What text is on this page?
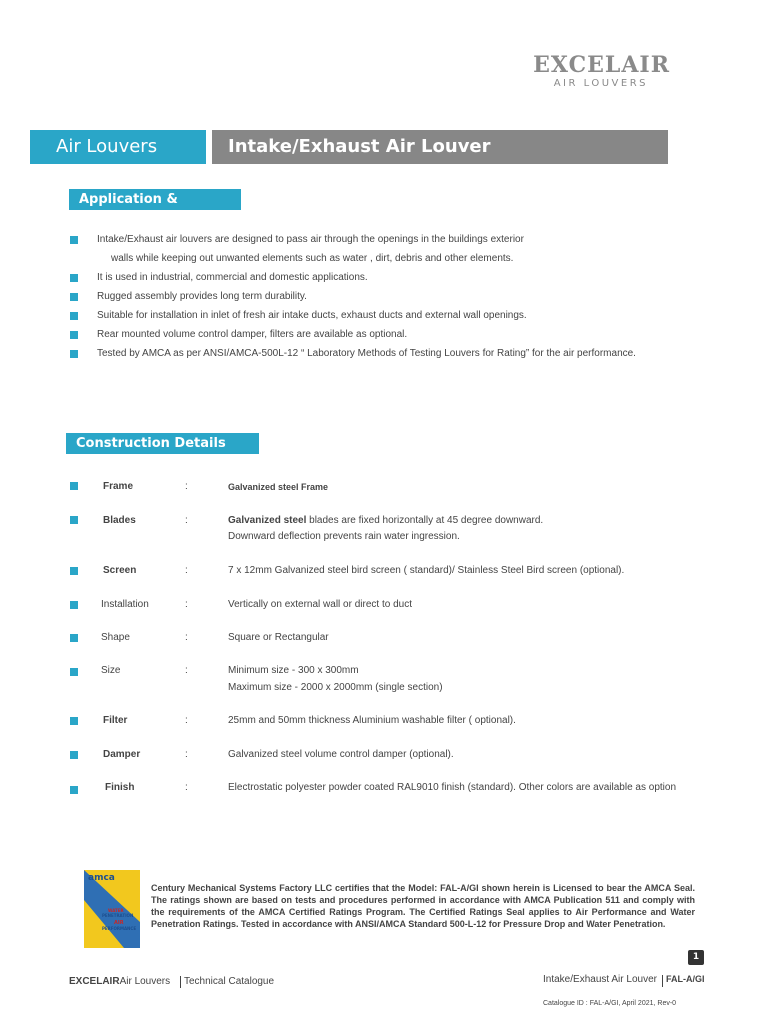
EXCELAIR
AIR LOUVERS
Air Louvers	Intake/Exhaust Air Louver
Application & Features
Intake/Exhaust air louvers are designed to pass air through the openings in the buildings exterior
walls while keeping out unwanted elements such as water , dirt, debris and other elements.
It is used in industrial, commercial and domestic applications.
Rugged assembly provides long term durability.
Suitable for installation in inlet of fresh air intake ducts, exhaust ducts and external wall openings.
Rear mounted volume control damper, filters are available as optional.
Tested by AMCA as per ANSI/AMCA-500L-12 “ Laboratory Methods of Testing Louvers for Rating” for the air performance.
Construction Details
Frame	:	Galvanized steel Frame
Blades	:	Galvanized steel blades are fixed horizontally at 45 degree downward.
Downward deflection prevents rain water ingression.
Screen	:	7 x 12mm Galvanized steel bird screen ( standard)/ Stainless Steel Bird screen (optional).
Installation	:	Vertically on external wall or direct to duct
Shape	:	Square or Rectangular
Size	:	Minimum size - 300 x 300mm
Maximum size - 2000 x 2000mm (single section)
Filter	:	25mm and 50mm thickness Aluminium washable filter ( optional).
Damper	:	Galvanized steel volume control damper (optional).
Finish	:	Electrostatic polyester powder coated RAL9010 finish (standard). Other colors are available as option
amca
WATER
PENETRATION
AIR
PERFORMANCE
Century Mechanical Systems Factory LLC certifies that the Model: FAL-A/GI shown herein is Licensed to bear the AMCA Seal. The ratings shown are based on tests and procedures performed in accordance with AMCA Publication 511 and comply with the requirements of the AMCA Certified Ratings Program. The Certified Ratings Seal applies to Air Performance and Water Penetration Ratings. Tested in accordance with ANSI/AMCA Standard 500-L-12 for Pressure Drop and Water Penetration.
1
EXCELAIRAir Louvers Technical Catalogue	Intake/Exhaust Air Louver FAL-A/GI
Catalogue ID : FAL-A/GI, April 2021, Rev-0
